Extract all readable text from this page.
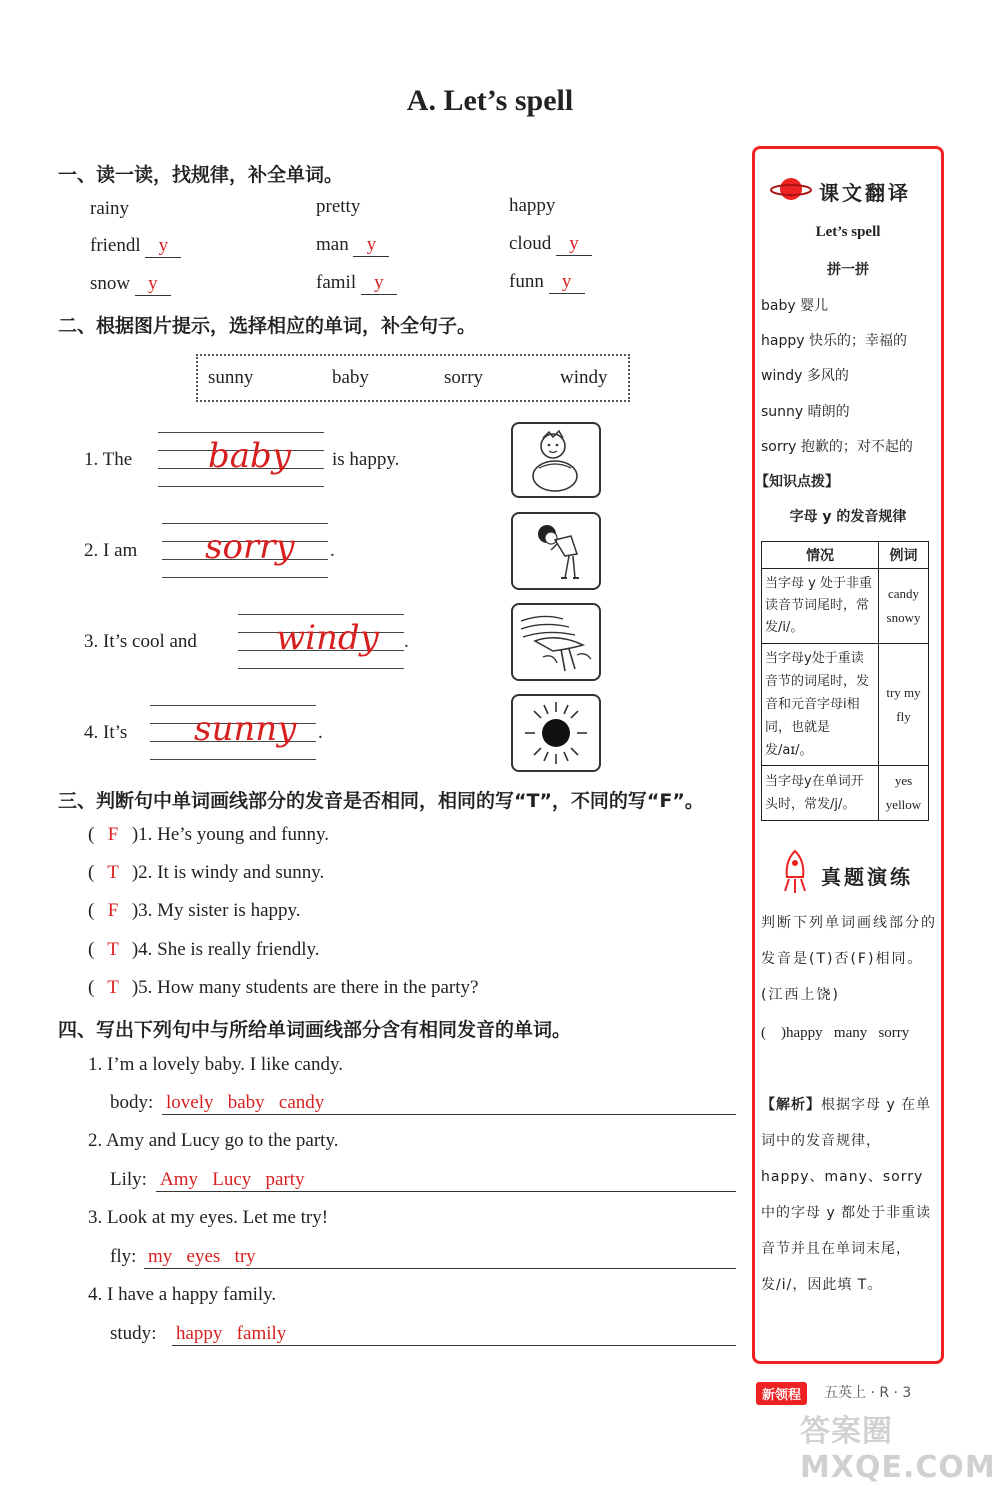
A. Let’s spell
一、读一读，找规律，补全单词。
rainy	pretty	happy
friendl y	man y	cloud y
snow y	famil y	funn y
二、根据图片提示，选择相应的单词，补全句子。
sunny	baby	sorry	windy
1. The baby is happy.
2. I am sorry .
3. It’s cool and windy .
4. It’s sunny .
三、判断句中单词画线部分的发音是否相同，相同的写“T”，不同的写“F”。
( F )1. He’s young and funny.
( T )2. It is windy and sunny.
( F )3. My sister is happy.
( T )4. She is really friendly.
( T )5. How many students are there in the party?
四、写出下列句中与所给单词画线部分含有相同发音的单词。
1. I’m a lovely baby. I like candy.
body: lovely   baby   candy
2. Amy and Lucy go to the party.
Lily: Amy   Lucy   party
3. Look at my eyes. Let me try!
fly: my   eyes   try
4. I have a happy family.
study: happy   family
课文翻译
Let’s spell
拼一拼
baby 婴儿
happy 快乐的；幸福的
windy 多风的
sunny 晴朗的
sorry 抱歉的；对不起的
【知识点拨】
字母 y 的发音规律
情况	例词
当字母 y 处于非重读音节词尾时，常发/i/。	candy snowy
当字母y处于重读音节的词尾时，发音和元音字母i相同，也就是发/aɪ/。	try my fly
当字母y在单词开头时，常发/j/。	yes yellow
真题演练
判断下列单词画线部分的发音是(T)否(F)相同。(江西上饶)
(    )happy   many   sorry
【解析】根据字母 y 在单词中的发音规律，happy、many、sorry 中的字母 y 都处于非重读音节并且在单词末尾，发/i/，因此填 T。
新领程	五英上 · R · 3
答案圈 MXQE.COM
